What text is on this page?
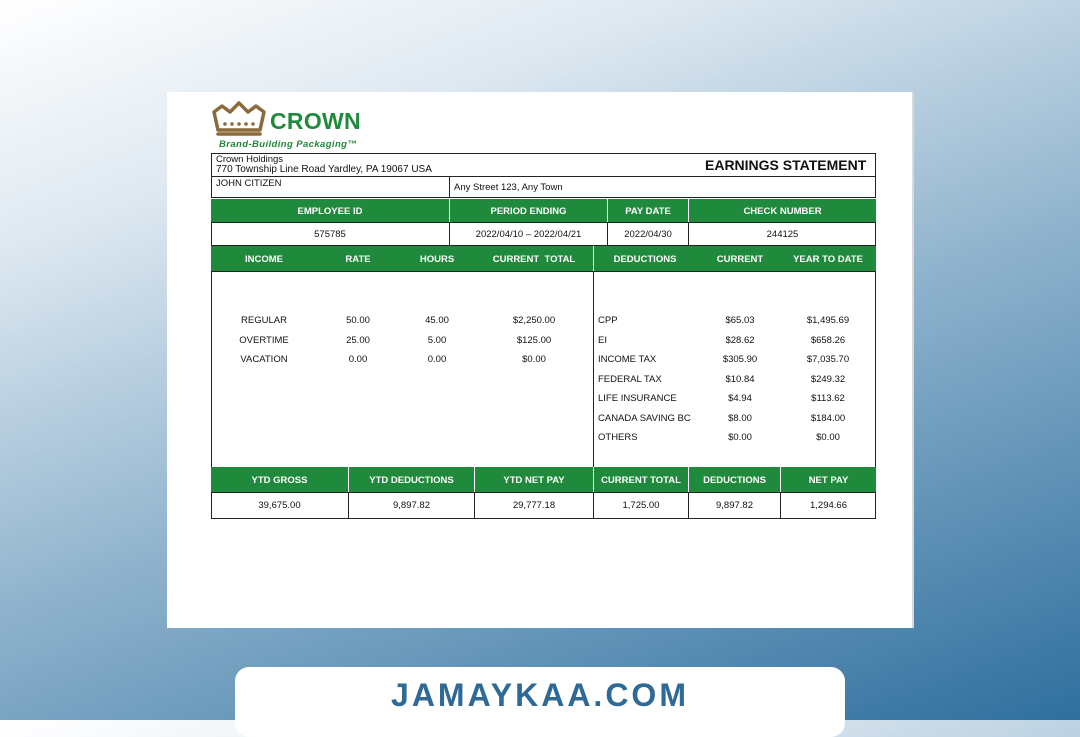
CROWN
Brand-Building Packaging™
Crown Holdings
770 Township Line Road Yardley, PA 19067 USA	EARNINGS STATEMENT
JOHN CITIZEN	Any Street 123, Any Town
EMPLOYEE ID	PERIOD ENDING	PAY DATE	CHECK NUMBER
575785	2022/04/10 – 2022/04/21	2022/04/30	244125
INCOME	RATE	HOURS	CURRENT  TOTAL	DEDUCTIONS	CURRENT	YEAR TO DATE
REGULAR	50.00	45.00	$2,250.00
OVERTIME	25.00	5.00	$125.00
VACATION	0.00	0.00	$0.00
CPP	$65.03	$1,495.69
EI	$28.62	$658.26
INCOME TAX	$305.90	$7,035.70
FEDERAL TAX	$10.84	$249.32
LIFE INSURANCE	$4.94	$113.62
CANADA SAVING BC	$8.00	$184.00
OTHERS	$0.00	$0.00
YTD GROSS	YTD DEDUCTIONS	YTD NET PAY	CURRENT TOTAL	DEDUCTIONS	NET PAY
39,675.00	9,897.82	29,777.18	1,725.00	9,897.82	1,294.66
JAMAYKAA.COM
